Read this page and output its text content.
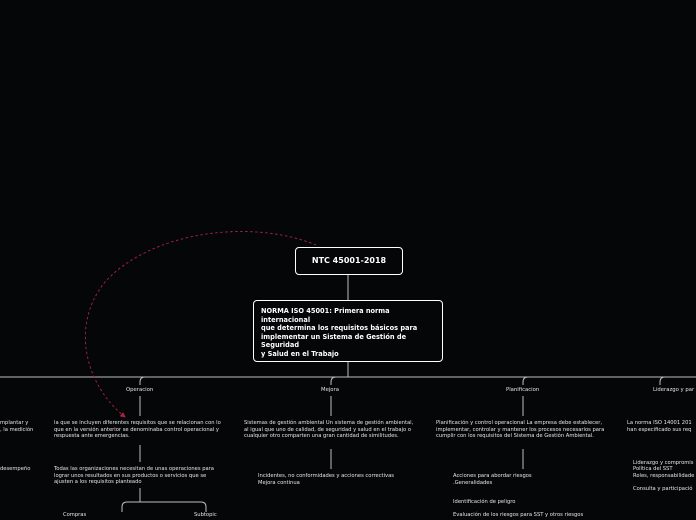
NTC 45001-2018
NORMA ISO 45001: Primera norma
internacional
que determina los requisitos básicos para
implementar un Sistema de Gestión de
Seguridad
y Salud en el Trabajo
Operacion	Mejora	Planificacion	Liderazgo y par
mplantar y
, la medición
desempeño
la que se incluyen diferentes requisitos que se relacionan con lo que en la versión anterior se denominaba control operacional y respuesta ante emergencias.
Todas las organizaciones necesitan de unas operaciones para lograr unos resultados en sus productos o servicios que se ajusten a los requisitos planteado
Compras	Subtopic
Sistemas de gestión ambiental Un sistema de gestión ambiental, al igual que uno de calidad, de seguridad y salud en el trabajo o cualquier otro comparten una gran cantidad de similitudes.
Incidentes, no conformidades y acciones correctivas
Mejora continua
Planificación y control operacional La empresa debe establecer, implementar, controlar y mantener los procesos necesarios para cumplir con los requisitos del Sistema de Gestión Ambiental.
Acciones para abordar riesgos
.Generalidades
Identificación de peligro
Evaluación de los riesgos para SST y otros riesgos
La norma ISO 14001 201
han especificado sus req
Liderazgo y compromis
Política del SST
Roles, responsabilidade
Consulta y participació
